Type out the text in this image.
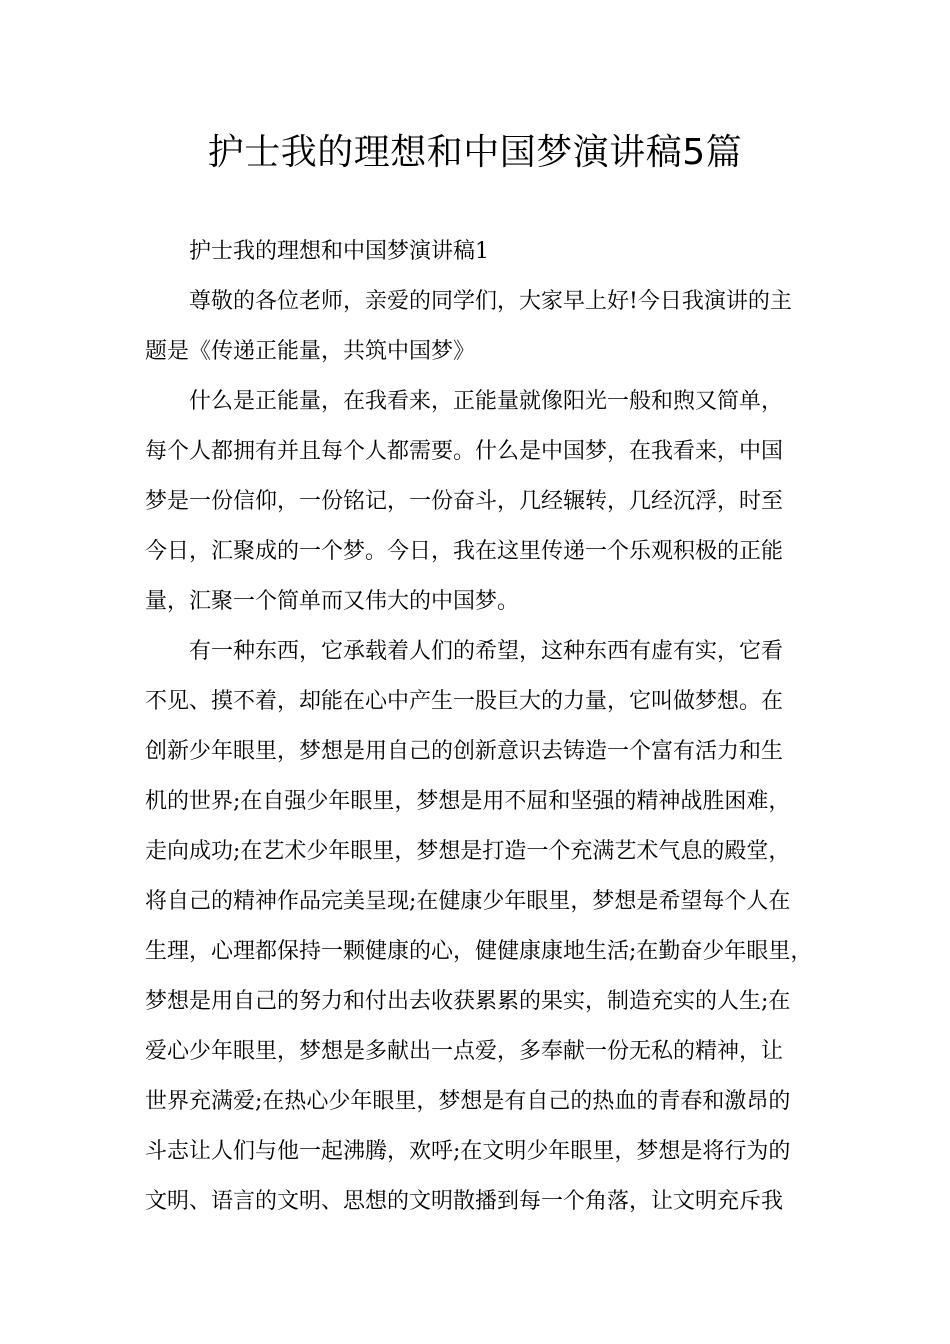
护士我的理想和中国梦演讲稿5篇
护士我的理想和中国梦演讲稿1
尊敬的各位老师，亲爱的同学们，大家早上好!今日我演讲的主
题是《传递正能量，共筑中国梦》
什么是正能量，在我看来，正能量就像阳光一般和煦又简单，
每个人都拥有并且每个人都需要。什么是中国梦，在我看来，中国
梦是一份信仰，一份铭记，一份奋斗，几经辗转，几经沉浮，时至
今日，汇聚成的一个梦。今日，我在这里传递一个乐观积极的正能
量，汇聚一个简单而又伟大的中国梦。
有一种东西，它承载着人们的希望，这种东西有虚有实，它看
不见、摸不着，却能在心中产生一股巨大的力量，它叫做梦想。在
创新少年眼里，梦想是用自己的创新意识去铸造一个富有活力和生
机的世界;在自强少年眼里，梦想是用不屈和坚强的精神战胜困难，
走向成功;在艺术少年眼里，梦想是打造一个充满艺术气息的殿堂，
将自己的精神作品完美呈现;在健康少年眼里，梦想是希望每个人在
生理，心理都保持一颗健康的心，健健康康地生活;在勤奋少年眼里，
梦想是用自己的努力和付出去收获累累的果实，制造充实的人生;在
爱心少年眼里，梦想是多献出一点爱，多奉献一份无私的精神，让
世界充满爱;在热心少年眼里，梦想是有自己的热血的青春和激昂的
斗志让人们与他一起沸腾，欢呼;在文明少年眼里，梦想是将行为的
文明、语言的文明、思想的文明散播到每一个角落，让文明充斥我
